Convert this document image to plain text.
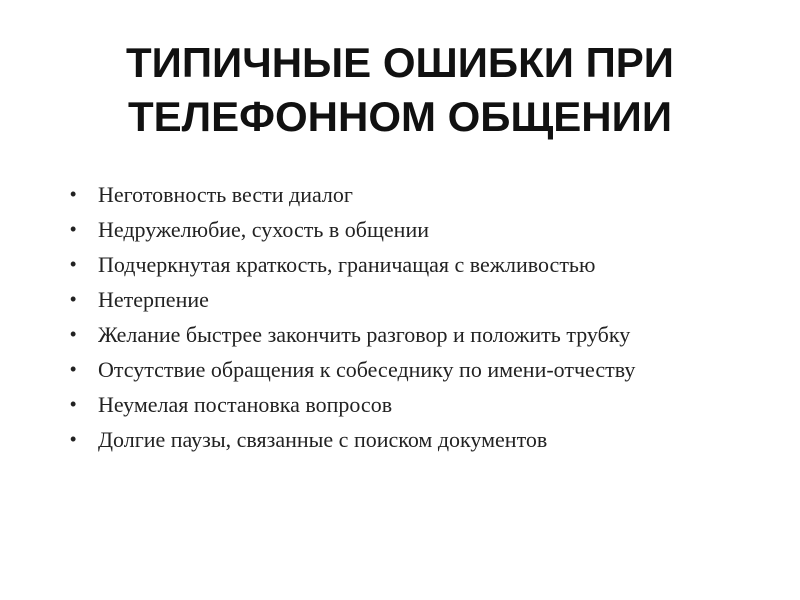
ТИПИЧНЫЕ ОШИБКИ ПРИ
ТЕЛЕФОННОМ ОБЩЕНИИ
• Неготовность вести диалог
• Недружелюбие, сухость в общении
• Подчеркнутая краткость, граничащая с вежливостью
• Нетерпение
• Желание быстрее закончить разговор и положить трубку
• Отсутствие обращения к собеседнику по имени-отчеству
• Неумелая постановка вопросов
• Долгие паузы, связанные с поиском документов
